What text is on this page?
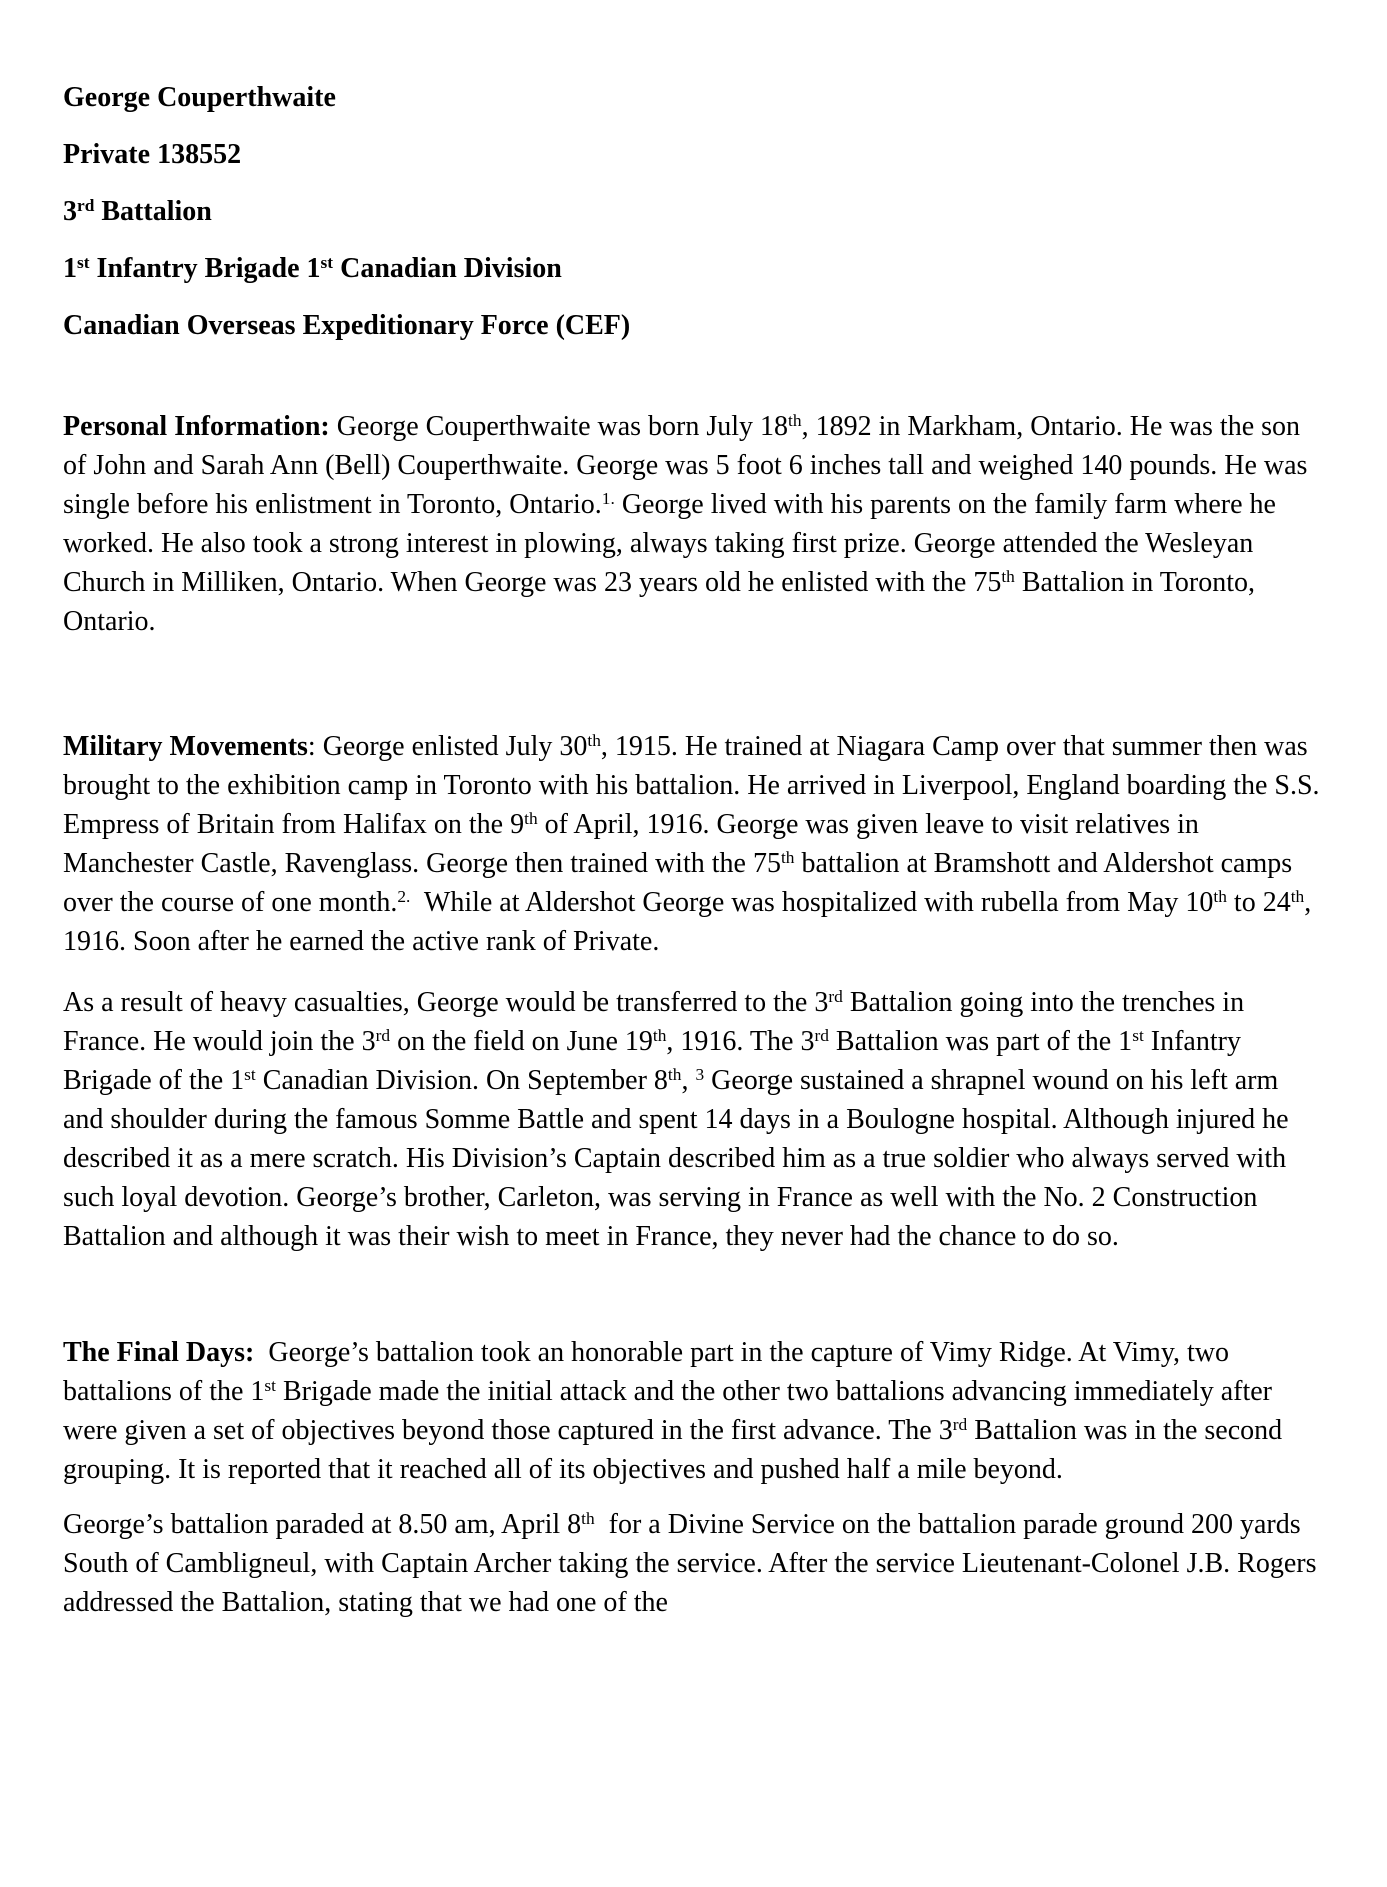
George Couperthwaite

Private 138552

3rd Battalion

1st Infantry Brigade 1st Canadian Division

Canadian Overseas Expeditionary Force (CEF)

Personal Information: George Couperthwaite was born July 18th, 1892 in Markham, Ontario. He was the son of John and Sarah Ann (Bell) Couperthwaite. George was 5 foot 6 inches tall and weighed 140 pounds. He was single before his enlistment in Toronto, Ontario.$^{1.}$ George lived with his parents on the family farm where he worked. He also took a strong interest in plowing, always taking first prize. George attended the Wesleyan Church in Milliken, Ontario. When George was 23 years old he enlisted with the 75th Battalion in Toronto, Ontario.

Military Movements: George enlisted July 30th, 1915. He trained at Niagara Camp over that summer then was brought to the exhibition camp in Toronto with his battalion. He arrived in Liverpool, England boarding the S.S. Empress of Britain from Halifax on the 9th of April, 1916. George was given leave to visit relatives in Manchester Castle, Ravenglass. George then trained with the 75th battalion at Bramshott and Aldershot camps over the course of one month.$^{2.}$  While at Aldershot George was hospitalized with rubella from May 10th to 24th, 1916. Soon after he earned the active rank of Private.

As a result of heavy casualties, George would be transferred to the 3rd Battalion going into the trenches in France. He would join the 3rd on the field on June 19th, 1916. The 3rd Battalion was part of the 1st Infantry Brigade of the 1st Canadian Division. On September 8th, $^3$ George sustained a shrapnel wound on his left arm and shoulder during the famous Somme Battle and spent 14 days in a Boulogne hospital. Although injured he described it as a mere scratch. His Division’s Captain described him as a true soldier who always served with such loyal devotion. George’s brother, Carleton, was serving in France as well with the No. 2 Construction Battalion and although it was their wish to meet in France, they never had the chance to do so.

The Final Days:  George’s battalion took an honorable part in the capture of Vimy Ridge. At Vimy, two battalions of the 1st Brigade made the initial attack and the other two battalions advancing immediately after were given a set of objectives beyond those captured in the first advance. The 3rd Battalion was in the second grouping. It is reported that it reached all of its objectives and pushed half a mile beyond.

George’s battalion paraded at 8.50 am, April 8th  for a Divine Service on the battalion parade ground 200 yards South of Cambligneul, with Captain Archer taking the service. After the service Lieutenant-Colonel J.B. Rogers addressed the Battalion, stating that we had one of the
